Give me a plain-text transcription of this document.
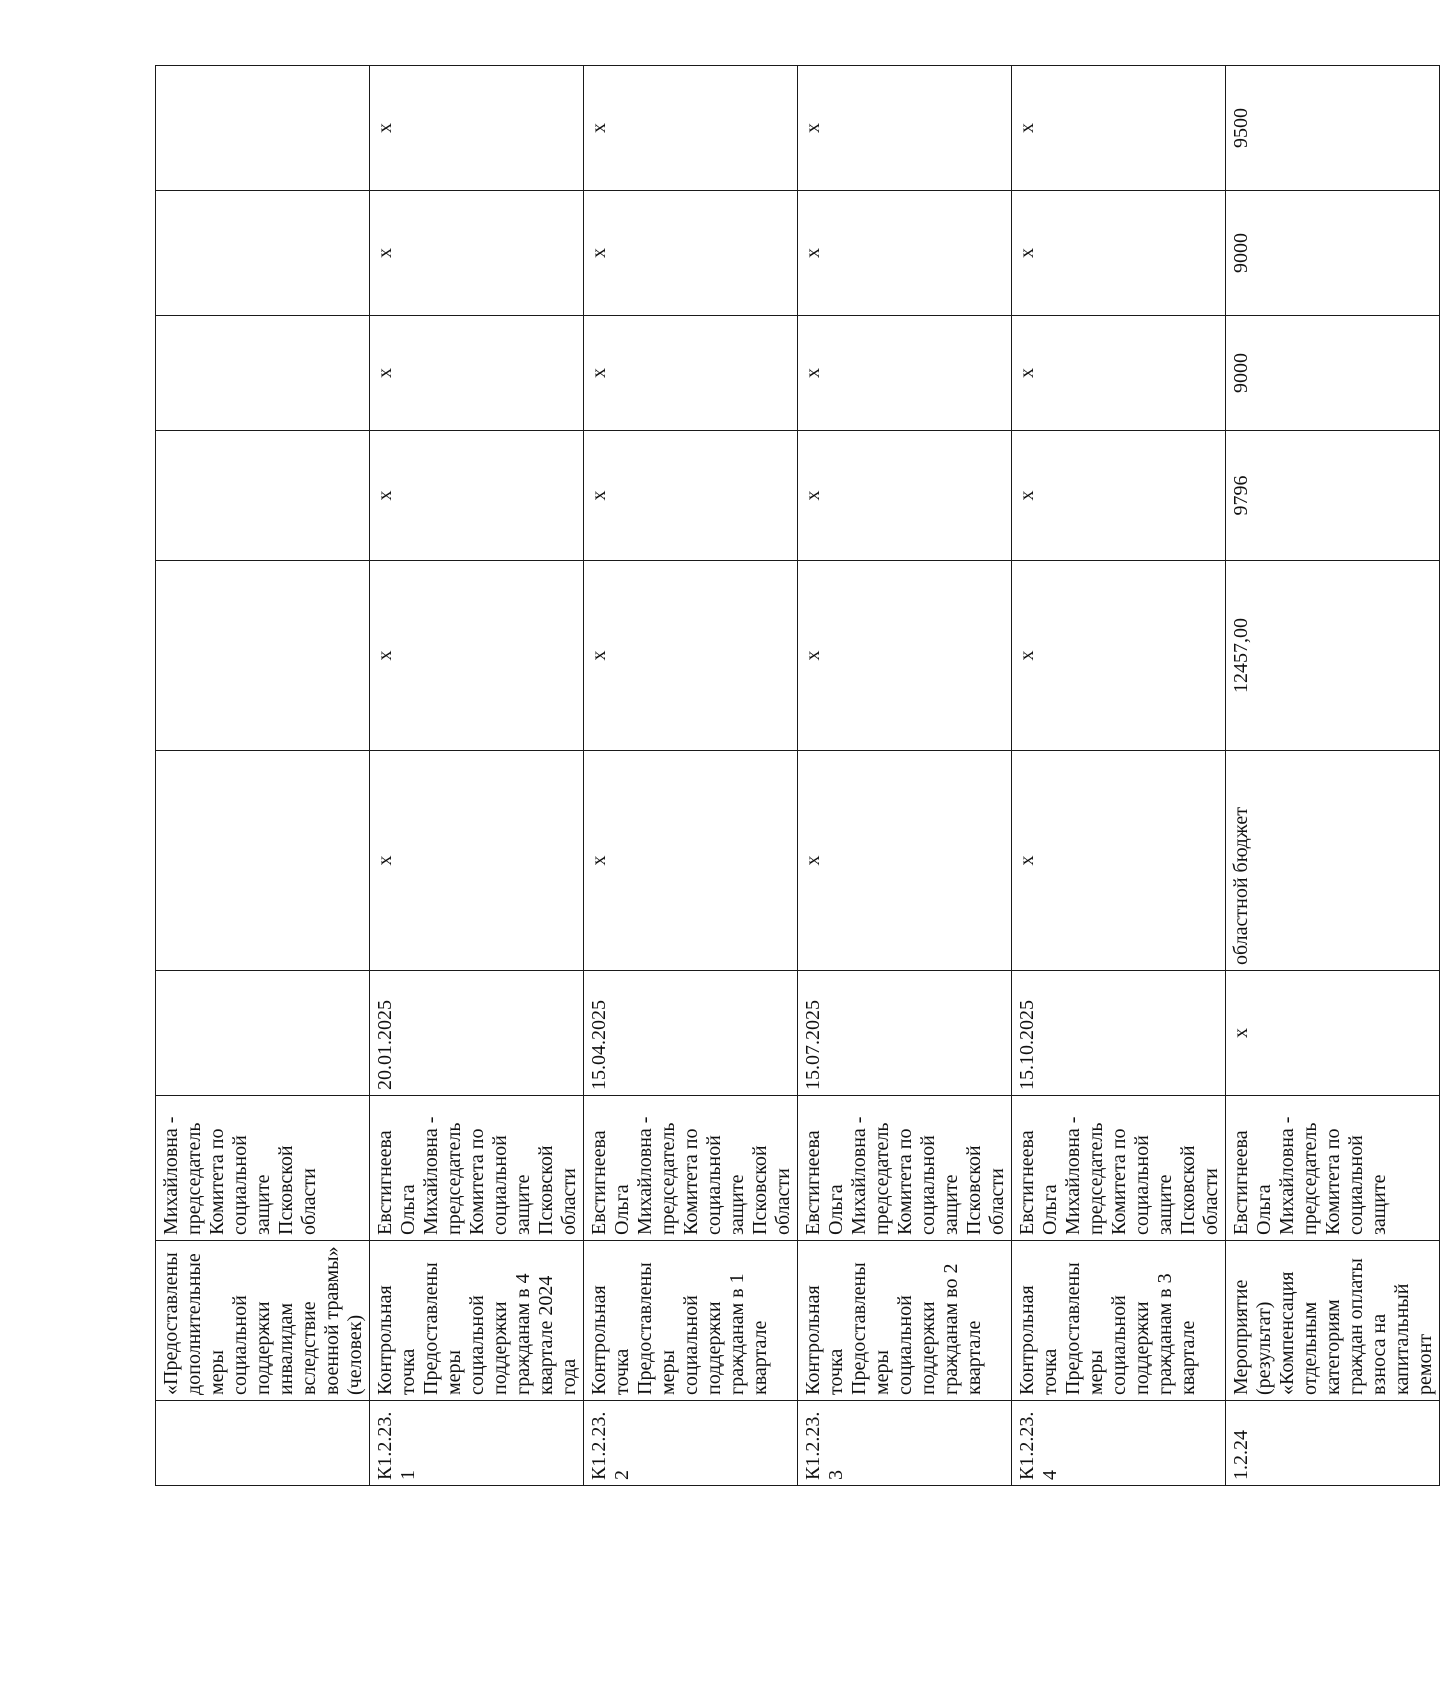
	«Предоставлены дополнительные меры социальной поддержки инвалидам вследствие военной травмы» (человек)	Михайловна - председатель Комитета по социальной защите Псковской области							
К1.2.23.1	Контрольная точка Предоставлены меры социальной поддержки гражданам в 4 квартале 2024 года	Евстигнеева Ольга Михайловна - председатель Комитета по социальной защите Псковской области	20.01.2025	х	х	х	х	х	х
К1.2.23.2	Контрольная точка Предоставлены меры социальной поддержки гражданам в 1 квартале	Евстигнеева Ольга Михайловна - председатель Комитета по социальной защите Псковской области	15.04.2025	х	х	х	х	х	х
К1.2.23.3	Контрольная точка Предоставлены меры социальной поддержки гражданам во 2 квартале	Евстигнеева Ольга Михайловна - председатель Комитета по социальной защите Псковской области	15.07.2025	х	х	х	х	х	х
К1.2.23.4	Контрольная точка Предоставлены меры социальной поддержки гражданам в 3 квартале	Евстигнеева Ольга Михайловна - председатель Комитета по социальной защите Псковской области	15.10.2025	х	х	х	х	х	х
1.2.24	Мероприятие (результат) «Компенсация отдельным категориям граждан оплаты взноса на капитальный ремонт	Евстигнеева Ольга Михайловна - председатель Комитета по социальной защите	х	областной бюджет	12457,00	9796	9000	9000	9500
